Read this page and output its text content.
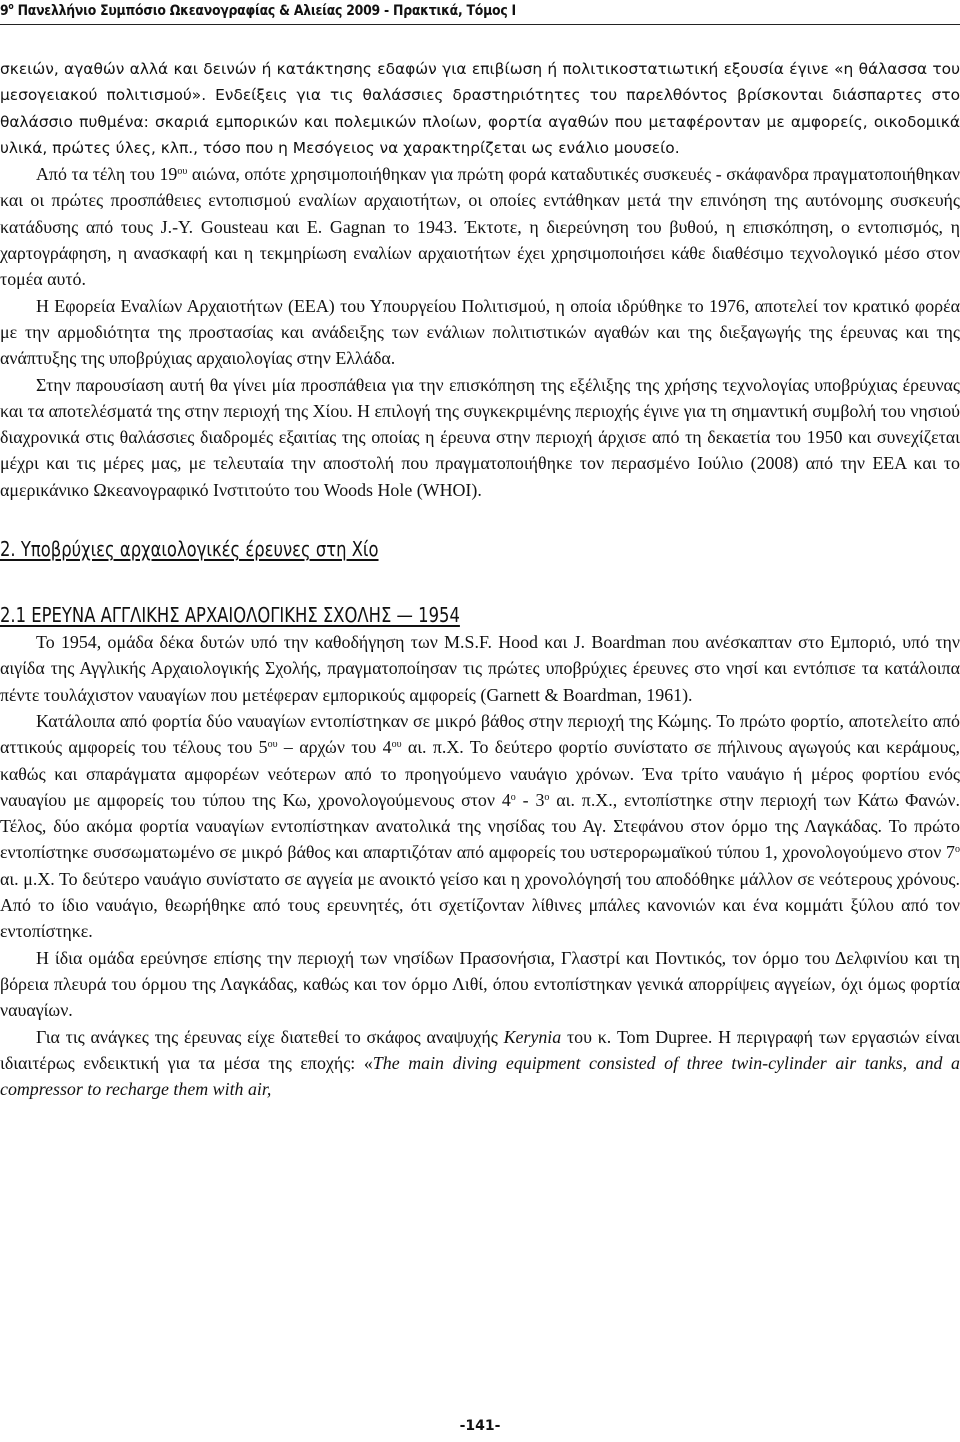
$9^o$ Πανελλήνιο Συμπόσιο Ωκεανογραφίας & Αλιείας 2009 - Πρακτικά, Τόμος I

σκειών, αγαθών αλλά και δεινών ή κατάκτησης εδαφών για επιβίωση ή πολιτικοστατιωτική εξουσία έγινε «η θάλασσα του μεσογειακού πολιτισμού». Ενδείξεις για τις θαλάσσιες δραστηριότητες του παρελθόντος βρίσκονται διάσπαρτες στο θαλάσσιο πυθμένα: σκαριά εμπορικών και πολεμικών πλοίων, φορτία αγαθών που μεταφέρονταν με αμφορείς, οικοδομικά υλικά, πρώτες ύλες, κλπ., τόσο που η Μεσόγειος να χαρακτηρίζεται ως ενάλιο μουσείο.

Από τα τέλη του $19^{o\upsilon}$ αιώνα, οπότε χρησιμοποιήθηκαν για πρώτη φορά καταδυτικές συσκευές - σκάφανδρα πραγματοποιήθηκαν και οι πρώτες προσπάθειες εντοπισμού εναλίων αρχαιοτήτων, οι οποίες εντάθηκαν μετά την επινόηση της αυτόνομης συσκευής κατάδυσης από τους J.-Y. Gousteau και E. Gagnan το 1943. Έκτοτε, η διερεύνηση του βυθού, η επισκόπηση, ο εντοπισμός, η χαρτογράφηση, η ανασκαφή και η τεκμηρίωση εναλίων αρχαιοτήτων έχει χρησιμοποιήσει κάθε διαθέσιμο τεχνολογικό μέσο στον τομέα αυτό.

Η Εφορεία Εναλίων Αρχαιοτήτων (ΕΕΑ) του Υπουργείου Πολιτισμού, η οποία ιδρύθηκε το 1976, αποτελεί τον κρατικό φορέα με την αρμοδιότητα της προστασίας και ανάδειξης των ενάλιων πολιτιστικών αγαθών και της διεξαγωγής της έρευνας και της ανάπτυξης της υποβρύχιας αρχαιολογίας στην Ελλάδα.

Στην παρουσίαση αυτή θα γίνει μία προσπάθεια για την επισκόπηση της εξέλιξης της χρήσης τεχνολογίας υποβρύχιας έρευνας και τα αποτελέσματά της στην περιοχή της Χίου. Η επιλογή της συγκεκριμένης περιοχής έγινε για τη σημαντική συμβολή του νησιού διαχρονικά στις θαλάσσιες διαδρομές εξαιτίας της οποίας η έρευνα στην περιοχή άρχισε από τη δεκαετία του 1950 και συνεχίζεται μέχρι και τις μέρες μας, με τελευταία την αποστολή που πραγματοποιήθηκε τον περασμένο Ιούλιο (2008) από την ΕΕΑ και το αμερικάνικο Ωκεανογραφικό Ινστιτούτο του Woods Hole (WHOI).

2. Υποβρύχιες αρχαιολογικές έρευνες στη Χίο

2.1 ΕΡΕΥΝΑ ΑΓΓΛΙΚΗΣ ΑΡΧΑΙΟΛΟΓΙΚΗΣ ΣΧΟΛΗΣ — 1954

Το 1954, ομάδα δέκα δυτών υπό την καθοδήγηση των M.S.F. Hood και J. Boardman που ανέσκαπταν στο Εμποριό, υπό την αιγίδα της Αγγλικής Αρχαιολογικής Σχολής, πραγματοποίησαν τις πρώτες υποβρύχιες έρευνες στο νησί και εντόπισε τα κατάλοιπα πέντε τουλάχιστον ναυαγίων που μετέφεραν εμπορικούς αμφορείς (Garnett & Boardman, 1961).

Κατάλοιπα από φορτία δύο ναυαγίων εντοπίστηκαν σε μικρό βάθος στην περιοχή της Κώμης. Το πρώτο φορτίο, αποτελείτο από αττικούς αμφορείς του τέλους του $5^{o\upsilon}$ – αρχών του $4^{o\upsilon}$ αι. π.Χ. Το δεύτερο φορτίο συνίστατο σε πήλινους αγωγούς και κεράμους, καθώς και σπαράγματα αμφορέων νεότερων από το προηγούμενο ναυάγιο χρόνων. Ένα τρίτο ναυάγιο ή μέρος φορτίου ενός ναυαγίου με αμφορείς του τύπου της Κω, χρονολογούμενους στον $4^o - 3^o$ αι. π.Χ., εντοπίστηκε στην περιοχή των Κάτω Φανών. Τέλος, δύο ακόμα φορτία ναυαγίων εντοπίστηκαν ανατολικά της νησίδας του Αγ. Στεφάνου στον όρμο της Λαγκάδας. Το πρώτο εντοπίστηκε συσσωματωμένο σε μικρό βάθος και απαρτιζόταν από αμφορείς του υστερορωμαϊκού τύπου 1, χρονολογούμενο στον $7^o$ αι. μ.Χ. Το δεύτερο ναυάγιο συνίστατο σε αγγεία με ανοικτό γείσο και η χρονολόγησή του αποδόθηκε μάλλον σε νεότερους χρόνους. Από το ίδιο ναυάγιο, θεωρήθηκε από τους ερευνητές, ότι σχετίζονταν λίθινες μπάλες κανονιών και ένα κομμάτι ξύλου από τον εντοπίστηκε.

Η ίδια ομάδα ερεύνησε επίσης την περιοχή των νησίδων Πρασονήσια, Γλαστρί και Ποντικός, τον όρμο του Δελφινίου και τη βόρεια πλευρά του όρμου της Λαγκάδας, καθώς και τον όρμο Λιθί, όπου εντοπίστηκαν γενικά απορρίψεις αγγείων, όχι όμως φορτία ναυαγίων.

Για τις ανάγκες της έρευνας είχε διατεθεί το σκάφος αναψυχής Kerynia του κ. Tom Dupree. Η περιγραφή των εργασιών είναι ιδιαιτέρως ενδεικτική για τα μέσα της εποχής: «The main diving equipment consisted of three twin-cylinder air tanks, and a compressor to recharge them with air,

-141-
